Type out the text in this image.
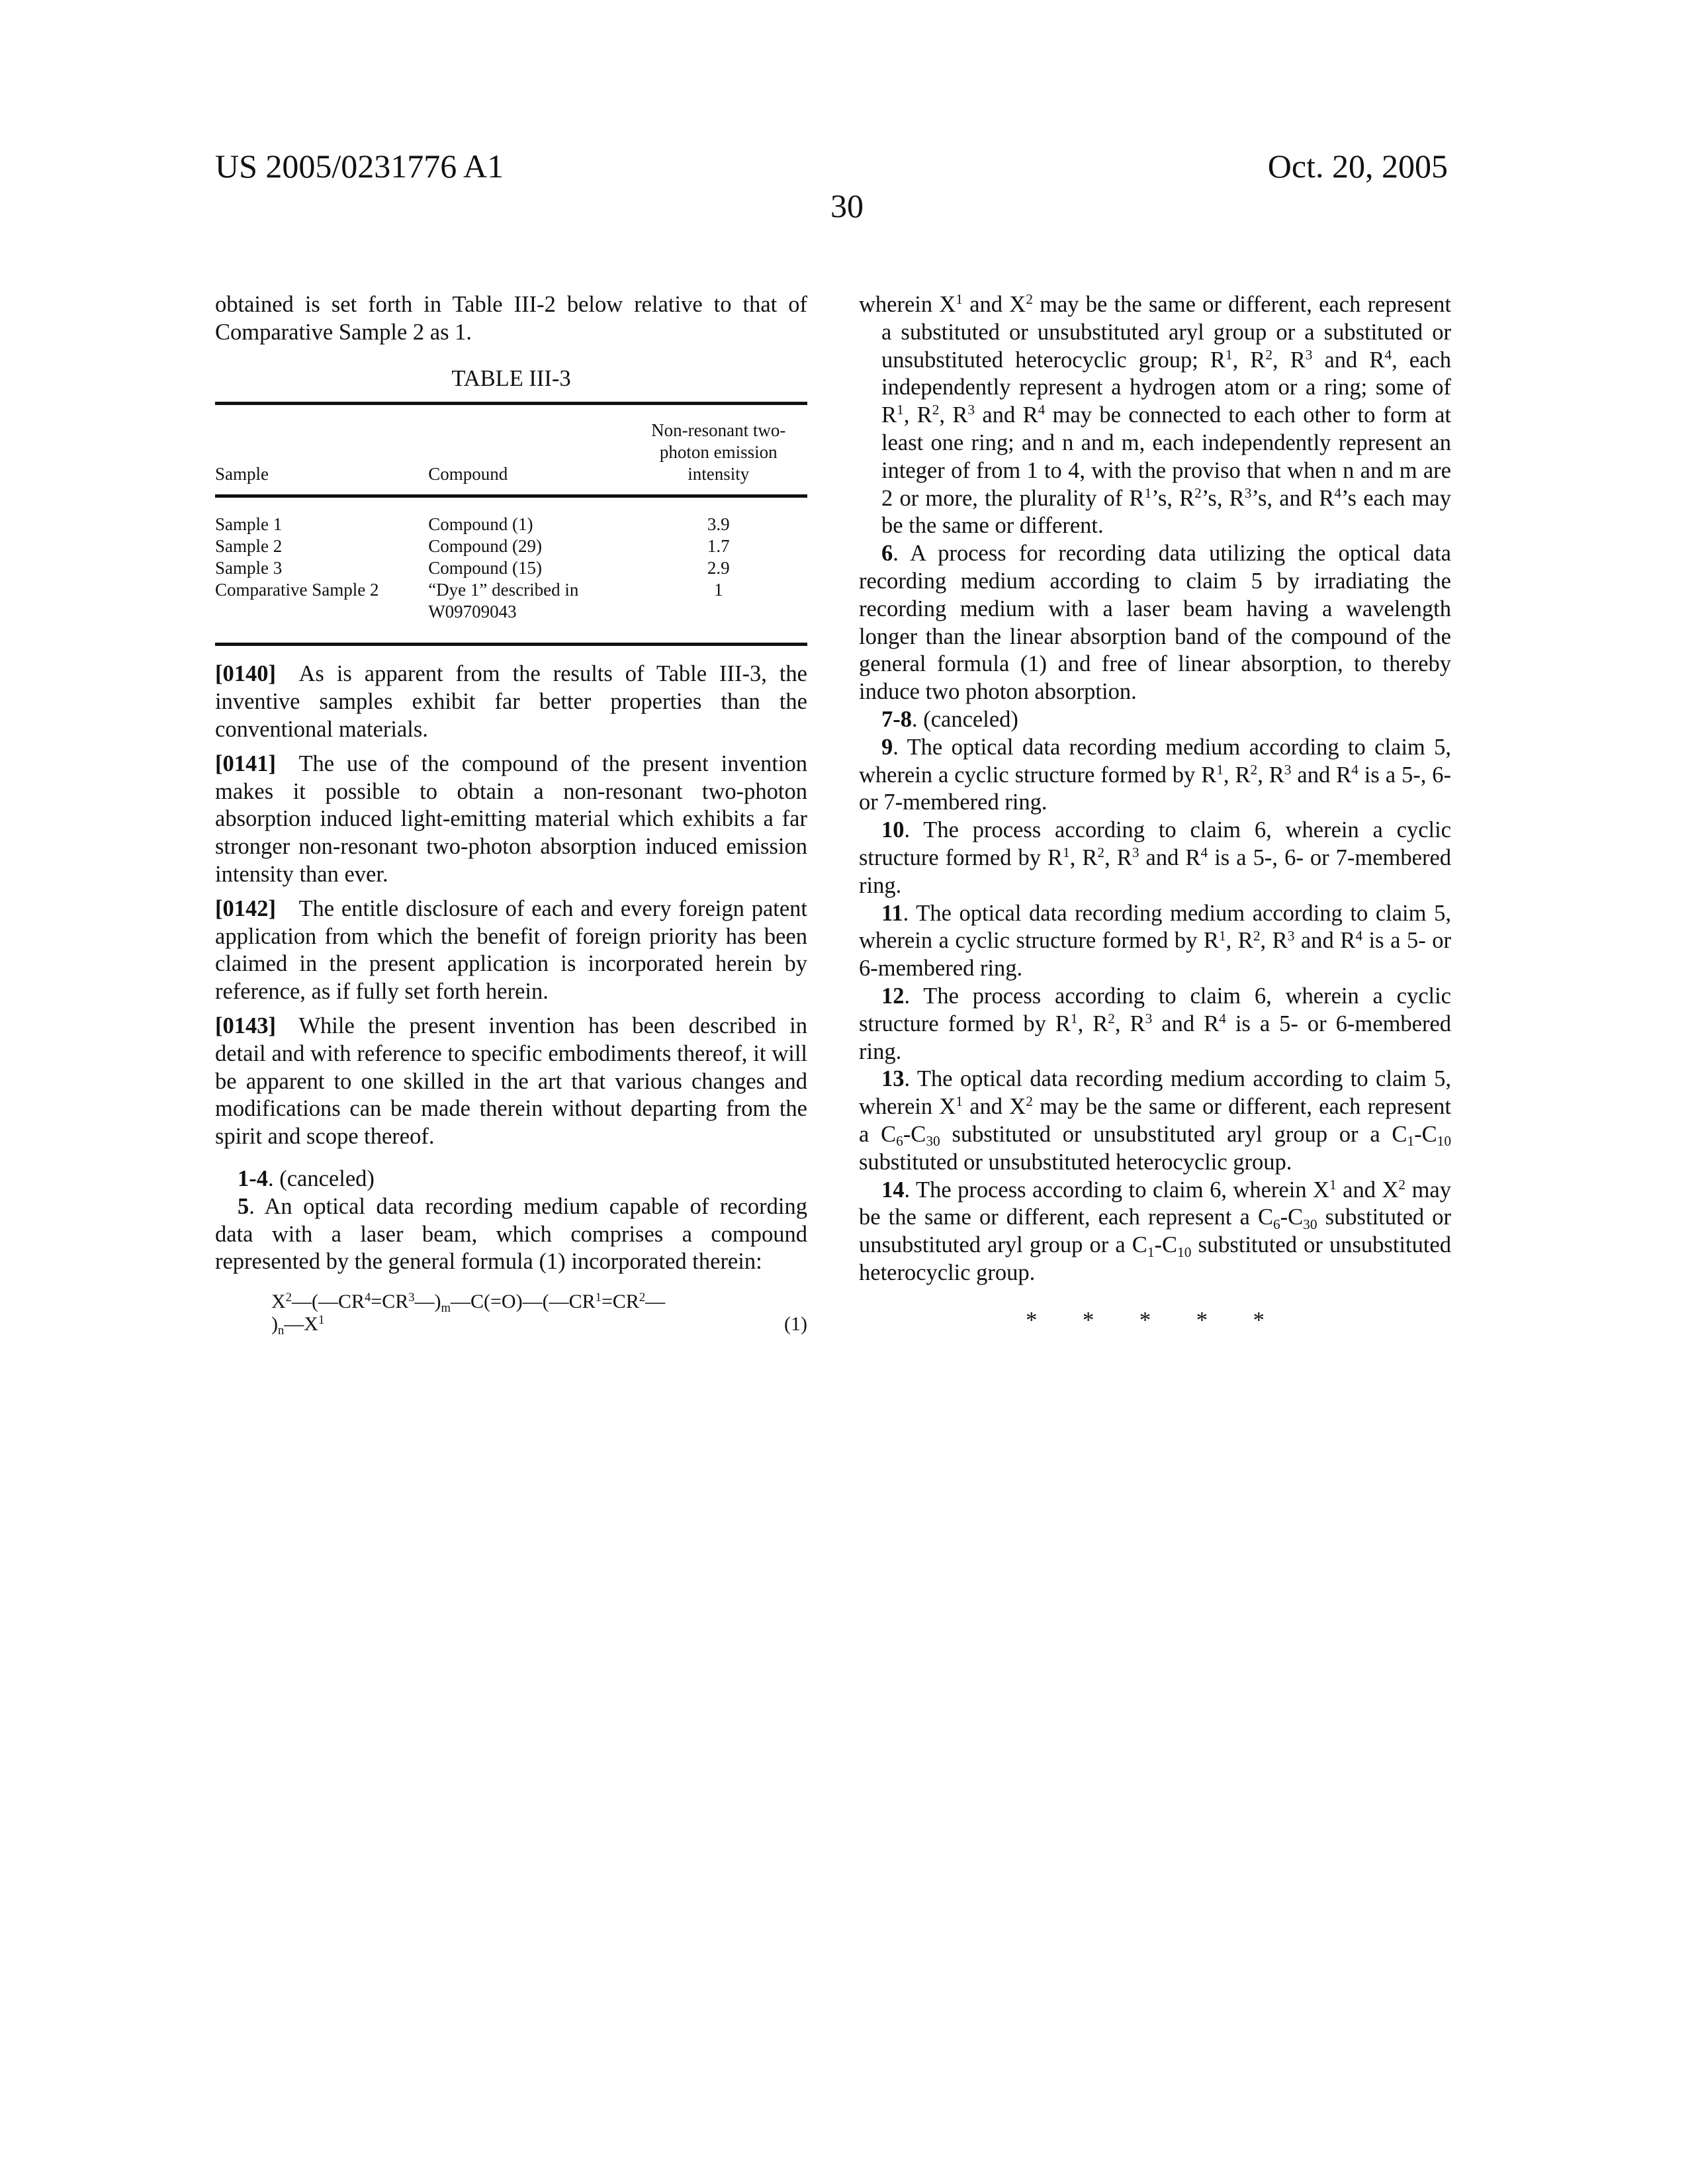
US 2005/0231776 A1	Oct. 20, 2005
30

obtained is set forth in Table III-2 below relative to that of Comparative Sample 2 as 1.

TABLE III-3

Sample	Compound	Non-resonant two-photon emission intensity

Sample 1	Compound (1)	3.9
Sample 2	Compound (29)	1.7
Sample 3	Compound (15)	2.9
Comparative Sample 2	“Dye 1” described in W09709043	1

[0140] As is apparent from the results of Table III-3, the inventive samples exhibit far better properties than the conventional materials.

[0141] The use of the compound of the present invention makes it possible to obtain a non-resonant two-photon absorption induced light-emitting material which exhibits a far stronger non-resonant two-photon absorption induced emission intensity than ever.

[0142] The entitle disclosure of each and every foreign patent application from which the benefit of foreign priority has been claimed in the present application is incorporated herein by reference, as if fully set forth herein.

[0143] While the present invention has been described in detail and with reference to specific embodiments thereof, it will be apparent to one skilled in the art that various changes and modifications can be made therein without departing from the spirit and scope thereof.

1-4. (canceled)

5. An optical data recording medium capable of recording data with a laser beam, which comprises a compound represented by the general formula (1) incorporated therein:

X2—(—CR4=CR3—)m—C(=O)—(—CR1=CR2—
)n—X1	(1)

wherein X1 and X2 may be the same or different, each represent a substituted or unsubstituted aryl group or a substituted or unsubstituted heterocyclic group; R1, R2, R3 and R4, each independently represent a hydrogen atom or a ring; some of R1, R2, R3 and R4 may be connected to each other to form at least one ring; and n and m, each independently represent an integer of from 1 to 4, with the proviso that when n and m are 2 or more, the plurality of R1’s, R2’s, R3’s, and R4’s each may be the same or different.

6. A process for recording data utilizing the optical data recording medium according to claim 5 by irradiating the recording medium with a laser beam having a wavelength longer than the linear absorption band of the compound of the general formula (1) and free of linear absorption, to thereby induce two photon absorption.

7-8. (canceled)

9. The optical data recording medium according to claim 5, wherein a cyclic structure formed by R1, R2, R3 and R4 is a 5-, 6- or 7-membered ring.

10. The process according to claim 6, wherein a cyclic structure formed by R1, R2, R3 and R4 is a 5-, 6- or 7-membered ring.

11. The optical data recording medium according to claim 5, wherein a cyclic structure formed by R1, R2, R3 and R4 is a 5- or 6-membered ring.

12. The process according to claim 6, wherein a cyclic structure formed by R1, R2, R3 and R4 is a 5- or 6-membered ring.

13. The optical data recording medium according to claim 5, wherein X1 and X2 may be the same or different, each represent a C6-C30 substituted or unsubstituted aryl group or a C1-C10 substituted or unsubstituted heterocyclic group.

14. The process according to claim 6, wherein X1 and X2 may be the same or different, each represent a C6-C30 substituted or unsubstituted aryl group or a C1-C10 substituted or unsubstituted heterocyclic group.

* * * * *
